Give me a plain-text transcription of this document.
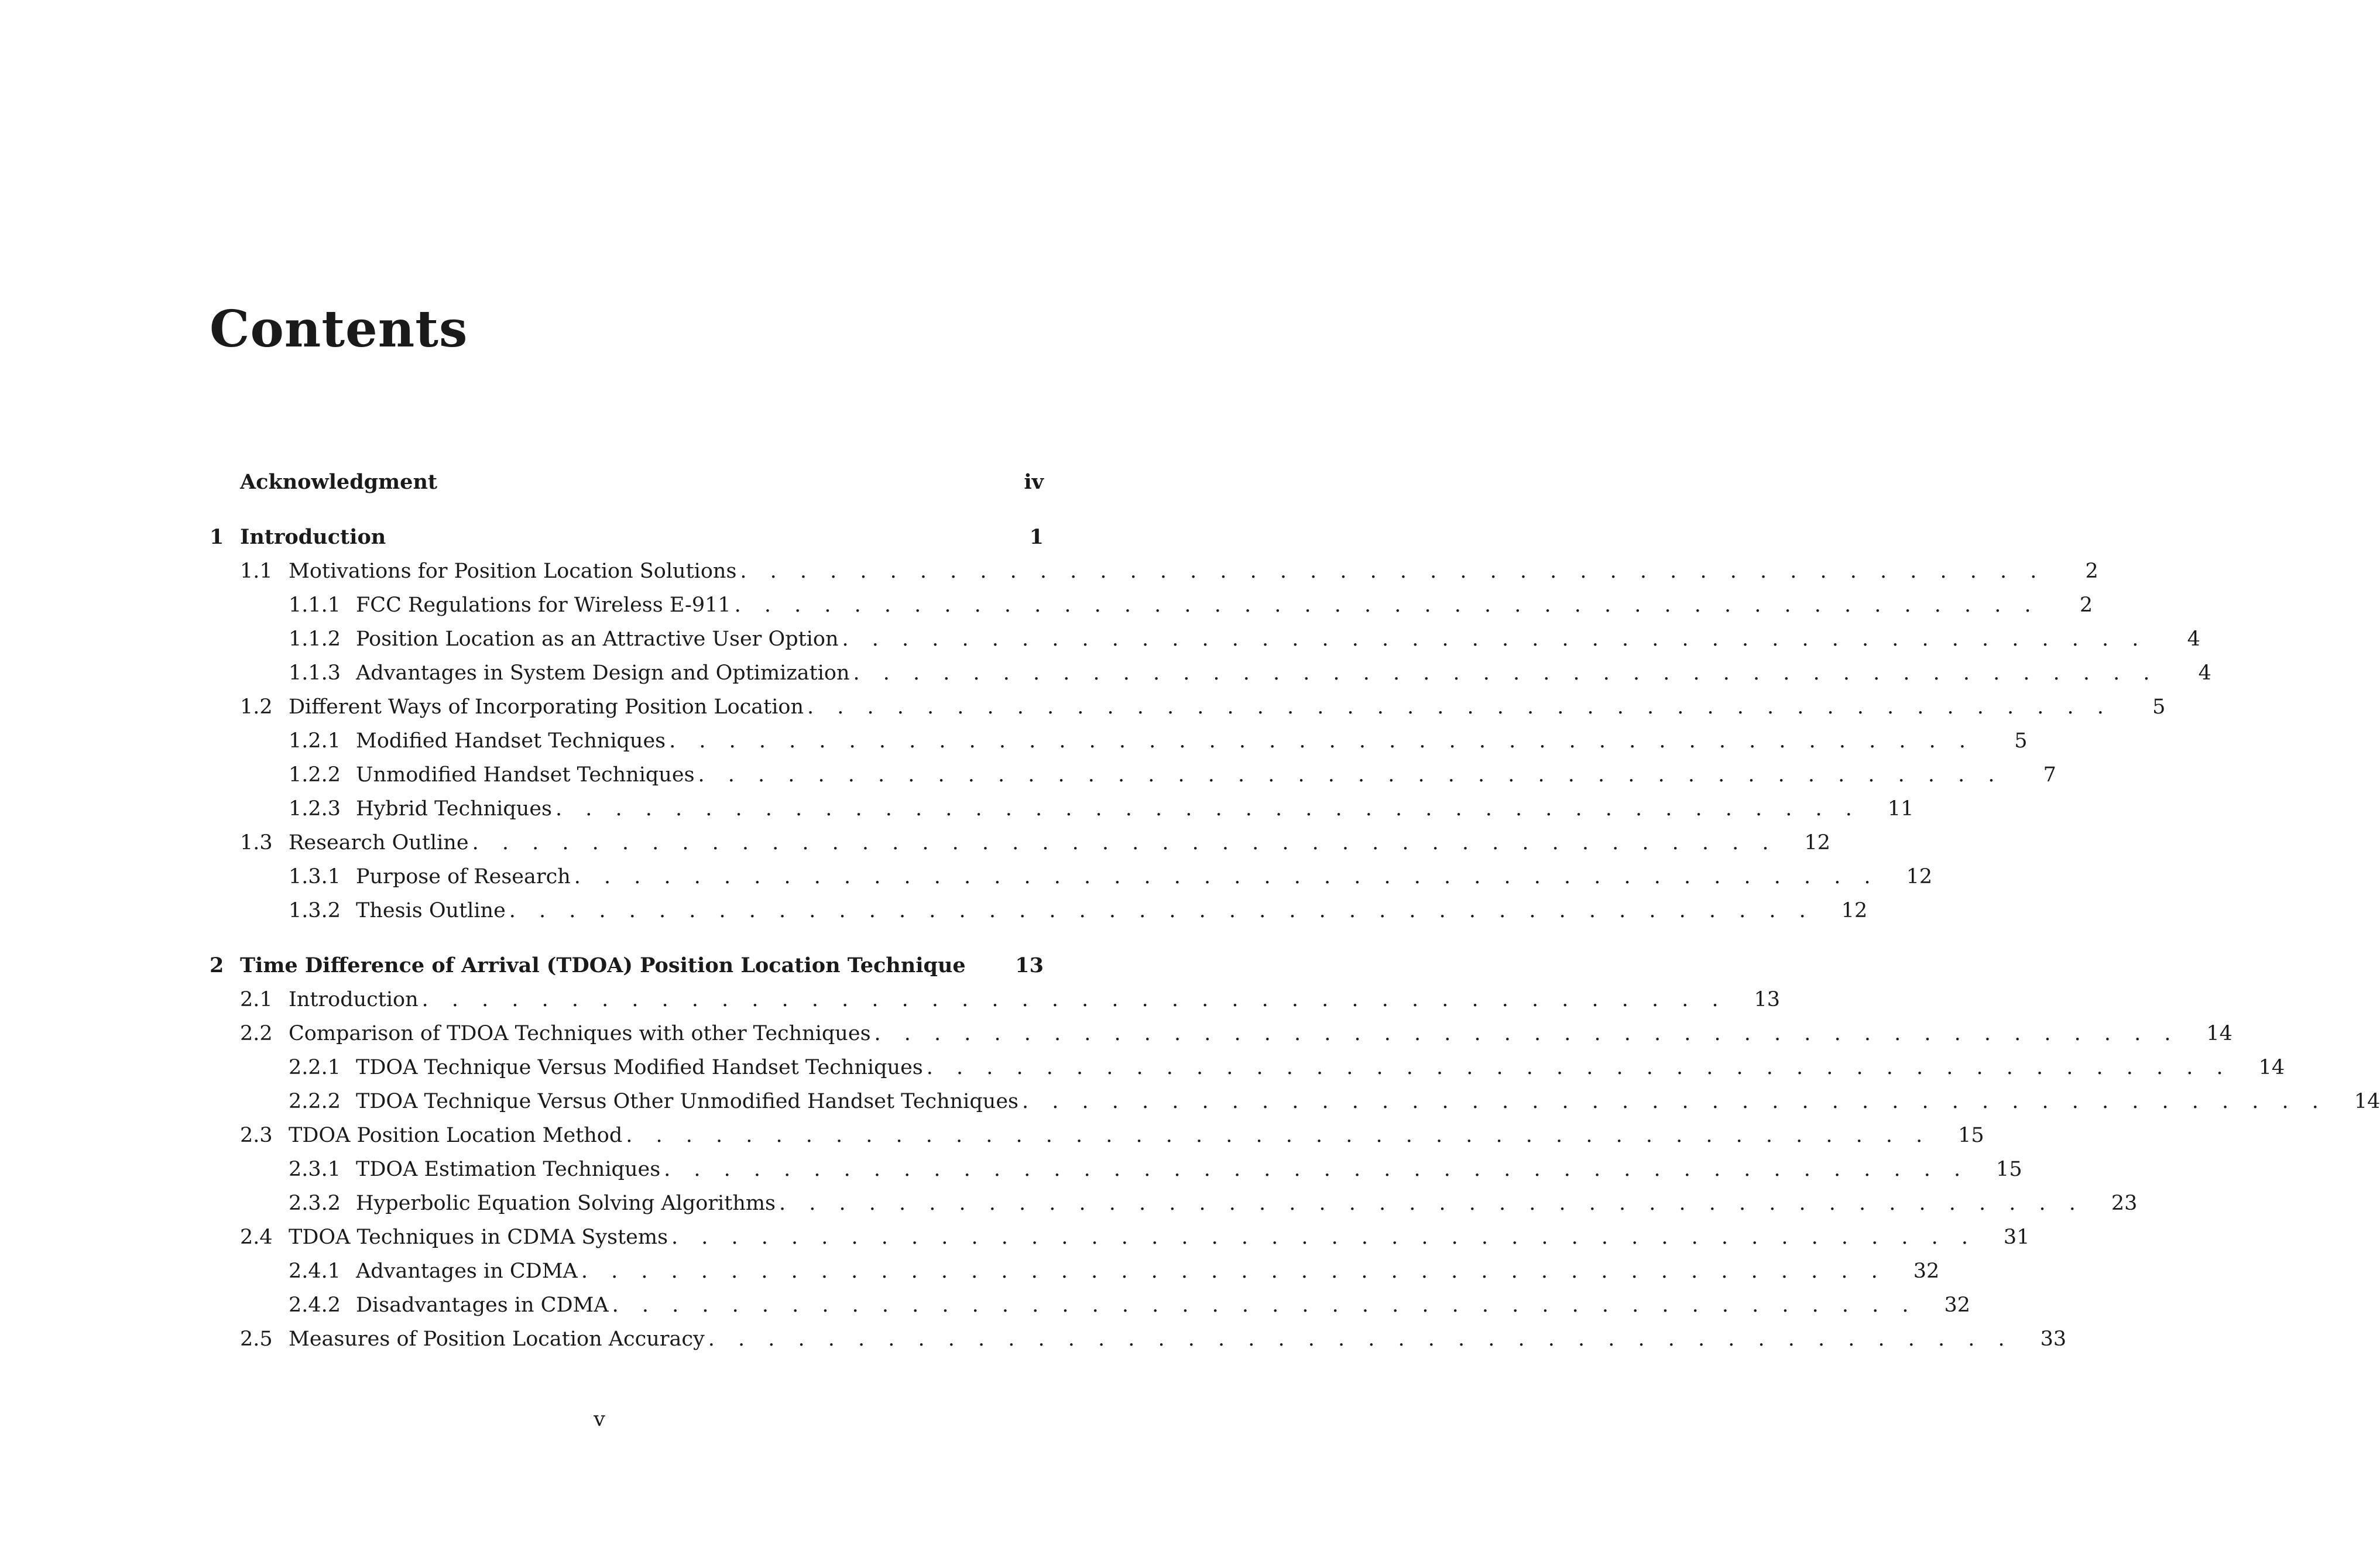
Contents
Acknowledgment	iv
1 Introduction	1
1.1 Motivations for Position Location Solutions . . . . . . . . . . . . . . . . . . . . . . . . . . . . . . . . . . . . . . . . . . . .	2
1.1.1 FCC Regulations for Wireless E-911 . . . . . . . . . . . . . . . . . . . . . . . . . . . . . . . . . . . . . . . . . . . .	2
1.1.2 Position Location as an Attractive User Option . . . . . . . . . . . . . . . . . . . . . . . . . . . . . . . . . . . . . . . . . . . .	4
1.1.3 Advantages in System Design and Optimization . . . . . . . . . . . . . . . . . . . . . . . . . . . . . . . . . . . . . . . . . . . .	4
1.2 Different Ways of Incorporating Position Location . . . . . . . . . . . . . . . . . . . . . . . . . . . . . . . . . . . . . . . . . . . .	5
1.2.1 Modified Handset Techniques . . . . . . . . . . . . . . . . . . . . . . . . . . . . . . . . . . . . . . . . . . . .	5
1.2.2 Unmodified Handset Techniques . . . . . . . . . . . . . . . . . . . . . . . . . . . . . . . . . . . . . . . . . . . .	7
1.2.3 Hybrid Techniques . . . . . . . . . . . . . . . . . . . . . . . . . . . . . . . . . . . . . . . . . . . .	11
1.3 Research Outline . . . . . . . . . . . . . . . . . . . . . . . . . . . . . . . . . . . . . . . . . . . .	12
1.3.1 Purpose of Research . . . . . . . . . . . . . . . . . . . . . . . . . . . . . . . . . . . . . . . . . . . .	12
1.3.2 Thesis Outline . . . . . . . . . . . . . . . . . . . . . . . . . . . . . . . . . . . . . . . . . . . .	12
2 Time Difference of Arrival (TDOA) Position Location Technique 13
2.1 Introduction . . . . . . . . . . . . . . . . . . . . . . . . . . . . . . . . . . . . . . . . . . . .	13
2.2 Comparison of TDOA Techniques with other Techniques . . . . . . . . . . . . . . . . . . . . . . . . . . . . . . . . . . . . . . . . . . . .	14
2.2.1 TDOA Technique Versus Modified Handset Techniques . . . . . . . . . . . . . . . . . . . . . . . . . . . . . . . . . . . . . . . . . . . .	14
2.2.2 TDOA Technique Versus Other Unmodified Handset Techniques . . . . . . . . . . . . . . . . . . . . . . . . . . . . . . . . . . . . . . . . . . . .	14
2.3 TDOA Position Location Method . . . . . . . . . . . . . . . . . . . . . . . . . . . . . . . . . . . . . . . . . . . .	15
2.3.1 TDOA Estimation Techniques . . . . . . . . . . . . . . . . . . . . . . . . . . . . . . . . . . . . . . . . . . . .	15
2.3.2 Hyperbolic Equation Solving Algorithms . . . . . . . . . . . . . . . . . . . . . . . . . . . . . . . . . . . . . . . . . . . .	23
2.4 TDOA Techniques in CDMA Systems . . . . . . . . . . . . . . . . . . . . . . . . . . . . . . . . . . . . . . . . . . . .	31
2.4.1 Advantages in CDMA . . . . . . . . . . . . . . . . . . . . . . . . . . . . . . . . . . . . . . . . . . . .	32
2.4.2 Disadvantages in CDMA . . . . . . . . . . . . . . . . . . . . . . . . . . . . . . . . . . . . . . . . . . . .	32
2.5 Measures of Position Location Accuracy . . . . . . . . . . . . . . . . . . . . . . . . . . . . . . . . . . . . . . . . . . . .	33
v
